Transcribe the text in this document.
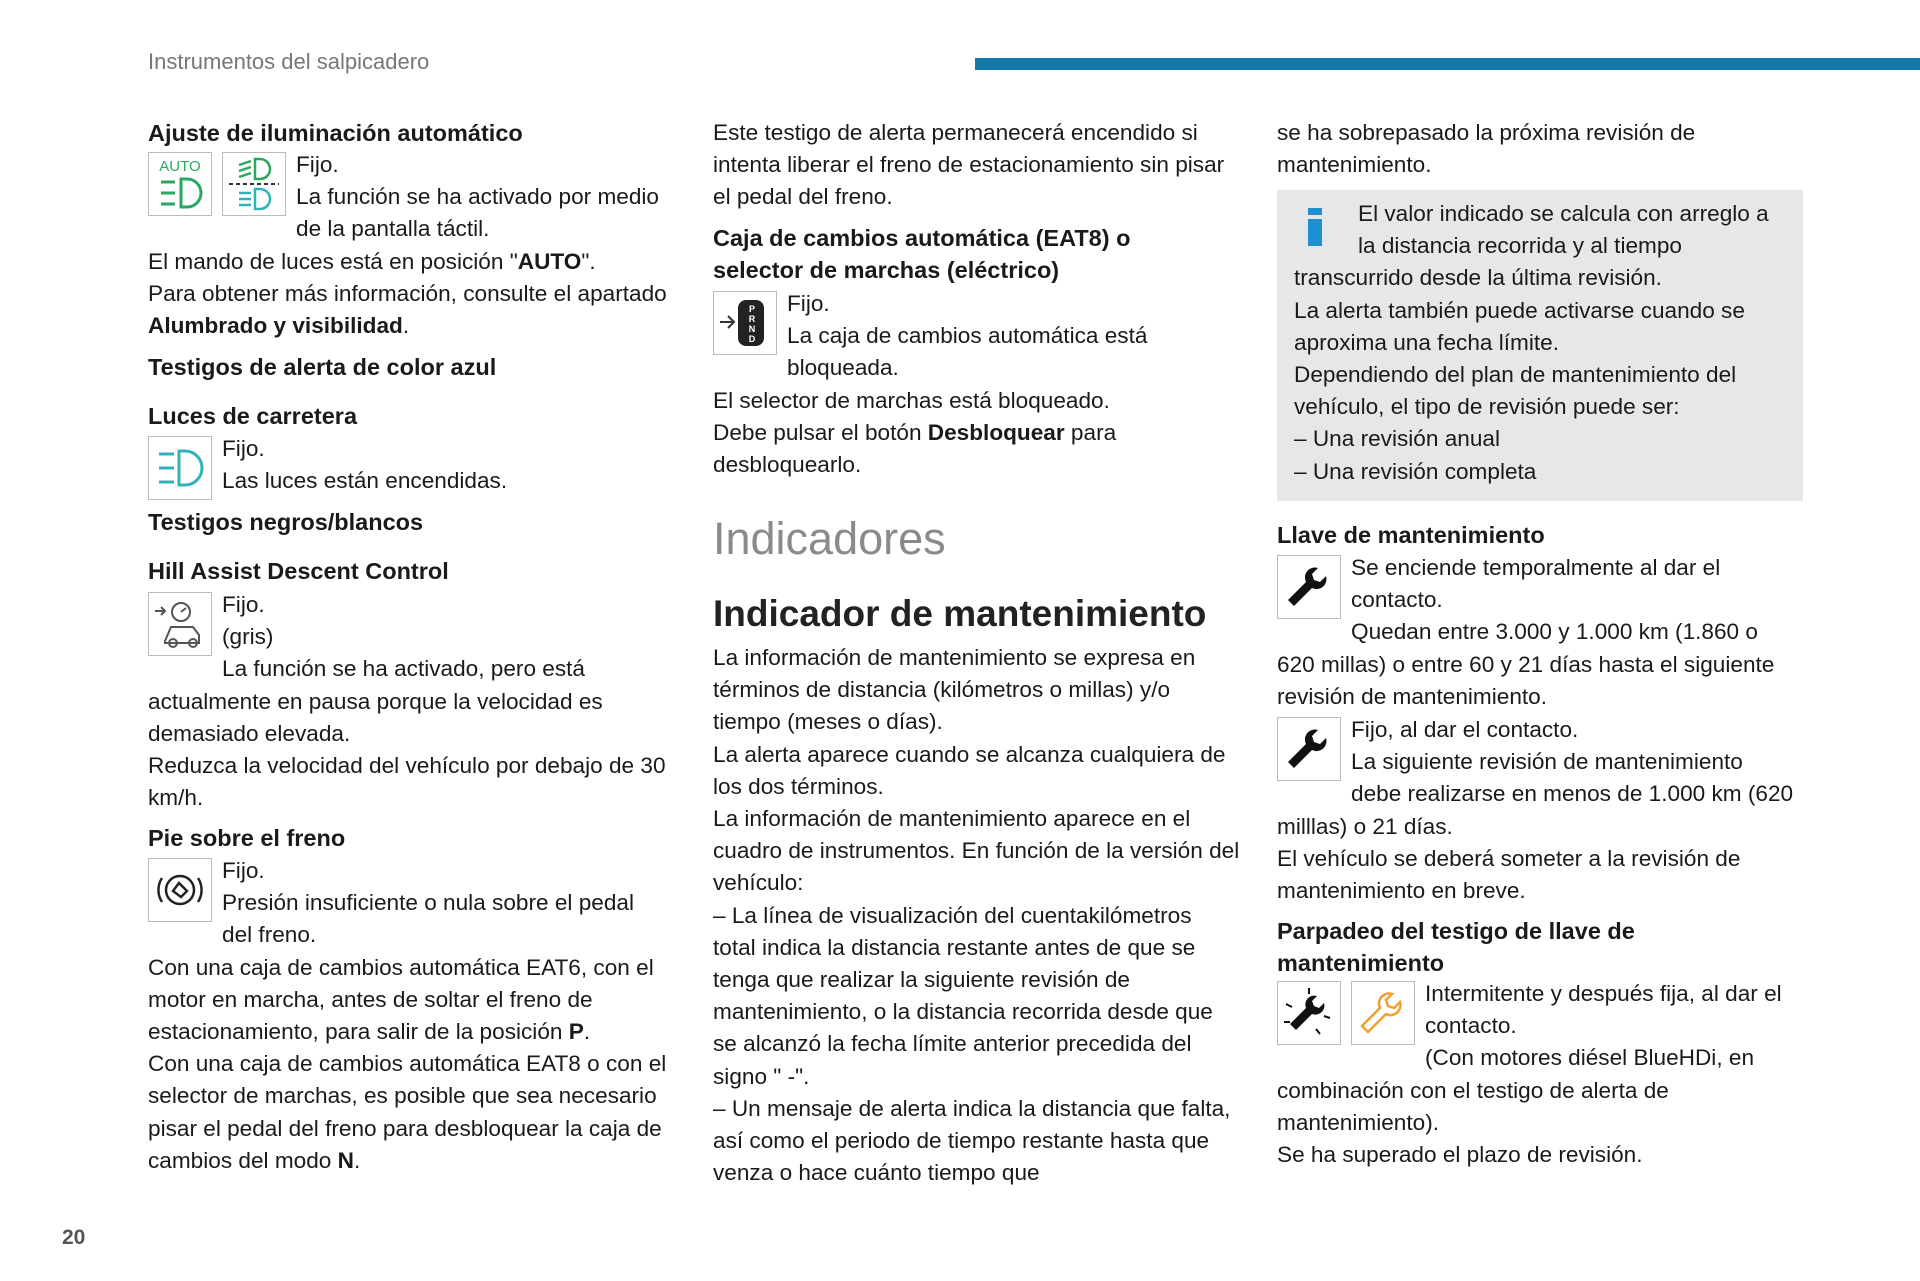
Instrumentos del salpicadero
20
Ajuste de iluminación automático
AUTO	Fijo.
La función se ha activado por medio de la pantalla táctil.
El mando de luces está en posición "AUTO".
Para obtener más información, consulte el apartado Alumbrado y visibilidad.
Testigos de alerta de color azul
Luces de carretera
Fijo.
Las luces están encendidas.
Testigos negros/blancos
Hill Assist Descent Control
Fijo.
(gris)
La función se ha activado, pero está actualmente en pausa porque la velocidad es demasiado elevada.
Reduzca la velocidad del vehículo por debajo de 30 km/h.
Pie sobre el freno
Fijo.
Presión insuficiente o nula sobre el pedal del freno.
Con una caja de cambios automática EAT6, con el motor en marcha, antes de soltar el freno de estacionamiento, para salir de la posición P.
Con una caja de cambios automática EAT8 o con el selector de marchas, es posible que sea necesario pisar el pedal del freno para desbloquear la caja de cambios del modo N.
Este testigo de alerta permanecerá encendido si intenta liberar el freno de estacionamiento sin pisar el pedal del freno.
Caja de cambios automática (EAT8) o selector de marchas (eléctrico)
PRND
Fijo.
La caja de cambios automática está bloqueada.
El selector de marchas está bloqueado.
Debe pulsar el botón Desbloquear para desbloquearlo.
Indicadores
Indicador de mantenimiento
La información de mantenimiento se expresa en términos de distancia (kilómetros o millas) y/o tiempo (meses o días).
La alerta aparece cuando se alcanza cualquiera de los dos términos.
La información de mantenimiento aparece en el cuadro de instrumentos. En función de la versión del vehículo:
– La línea de visualización del cuentakilómetros total indica la distancia restante antes de que se tenga que realizar la siguiente revisión de mantenimiento, o la distancia recorrida desde que se alcanzó la fecha límite anterior precedida del signo " -".
– Un mensaje de alerta indica la distancia que falta, así como el periodo de tiempo restante hasta que venza o hace cuánto tiempo que
se ha sobrepasado la próxima revisión de mantenimiento.
El valor indicado se calcula con arreglo a la distancia recorrida y al tiempo transcurrido desde la última revisión.
La alerta también puede activarse cuando se aproxima una fecha límite.
Dependiendo del plan de mantenimiento del vehículo, el tipo de revisión puede ser:
– Una revisión anual
– Una revisión completa
Llave de mantenimiento
Se enciende temporalmente al dar el contacto.
Quedan entre 3.000 y 1.000 km (1.860 o 620 millas) o entre 60 y 21 días hasta el siguiente revisión de mantenimiento.
Fijo, al dar el contacto.
La siguiente revisión de mantenimiento debe realizarse en menos de 1.000 km (620 milllas) o 21 días.
El vehículo se deberá someter a la revisión de mantenimiento en breve.
Parpadeo del testigo de llave de mantenimiento
Intermitente y después fija, al dar el contacto.
(Con motores diésel BlueHDi, en combinación con el testigo de alerta de mantenimiento).
Se ha superado el plazo de revisión.
